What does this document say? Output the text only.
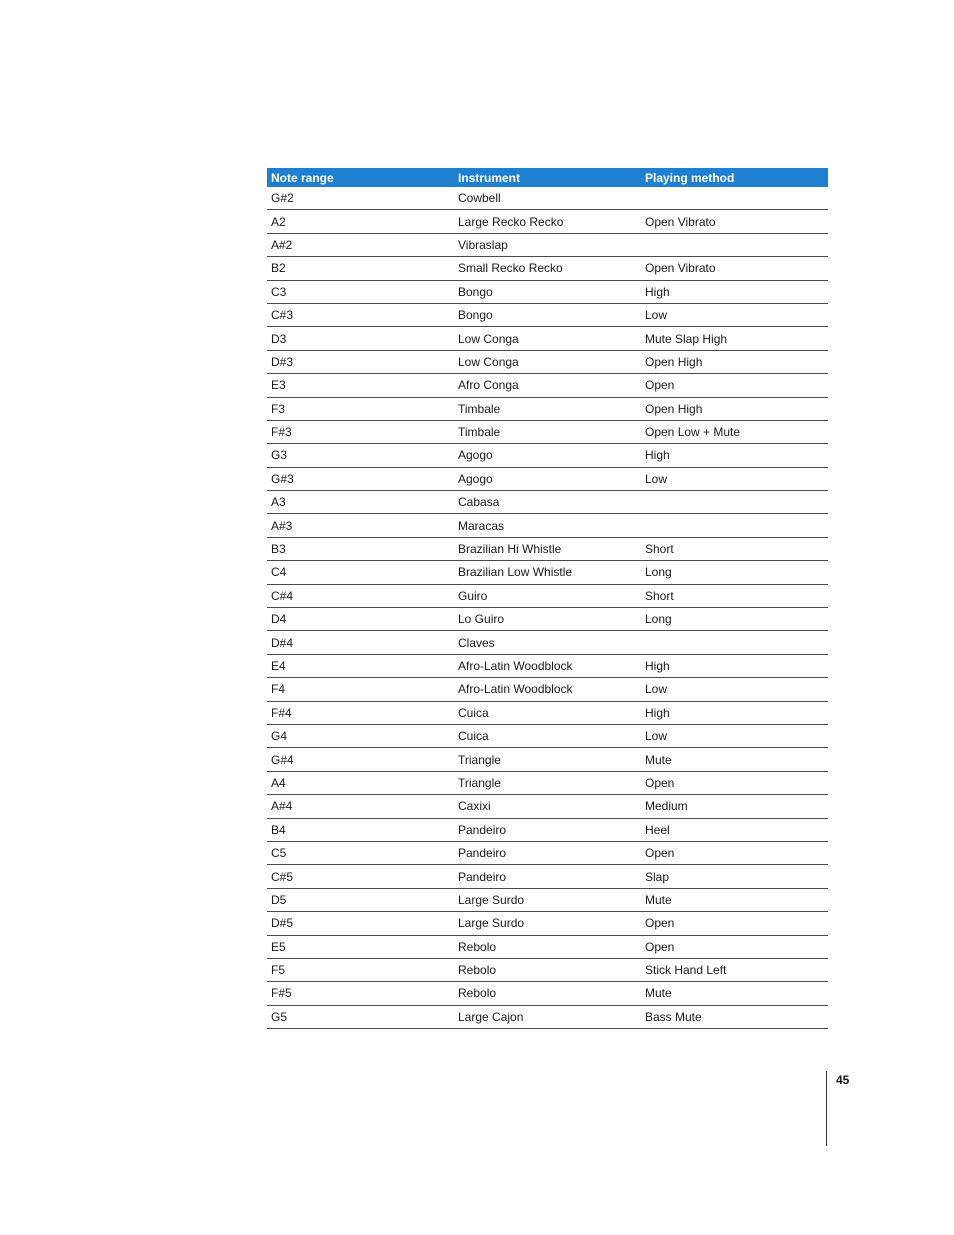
Note range	Instrument	Playing method
G#2	Cowbell	
A2	Large Recko Recko	Open Vibrato
A#2	Vibraslap	
B2	Small Recko Recko	Open Vibrato
C3	Bongo	High
C#3	Bongo	Low
D3	Low Conga	Mute Slap High
D#3	Low Conga	Open High
E3	Afro Conga	Open
F3	Timbale	Open High
F#3	Timbale	Open Low + Mute
G3	Agogo	High
G#3	Agogo	Low
A3	Cabasa	
A#3	Maracas	
B3	Brazilian Hi Whistle	Short
C4	Brazilian Low Whistle	Long
C#4	Guiro	Short
D4	Lo Guiro	Long
D#4	Claves	
E4	Afro-Latin Woodblock	High
F4	Afro-Latin Woodblock	Low
F#4	Cuica	High
G4	Cuica	Low
G#4	Triangle	Mute
A4	Triangle	Open
A#4	Caxixi	Medium
B4	Pandeiro	Heel
C5	Pandeiro	Open
C#5	Pandeiro	Slap
D5	Large Surdo	Mute
D#5	Large Surdo	Open
E5	Rebolo	Open
F5	Rebolo	Stick Hand Left
F#5	Rebolo	Mute
G5	Large Cajon	Bass Mute
45
